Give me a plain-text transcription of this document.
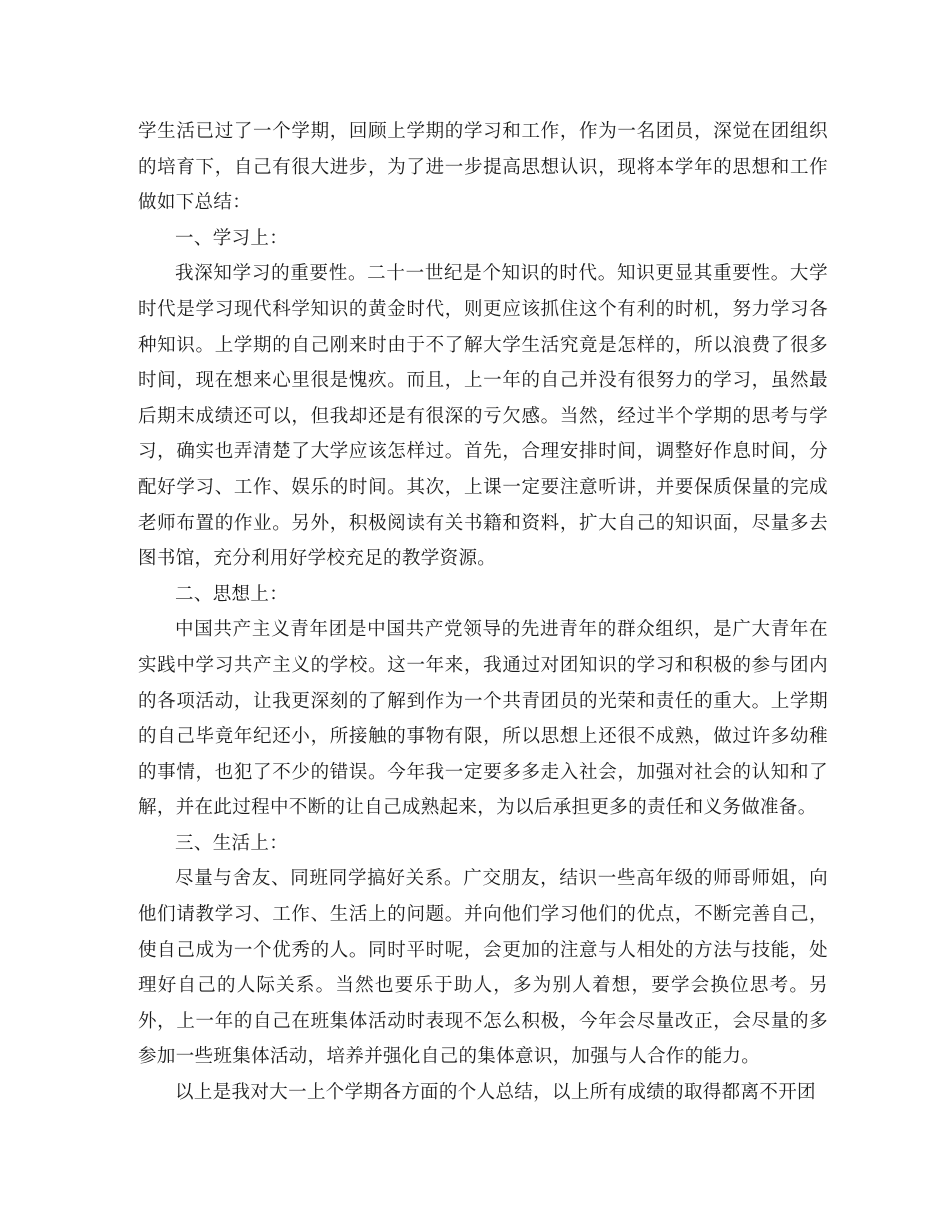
学生活已过了一个学期，回顾上学期的学习和工作，作为一名团员，深觉在团组织的培育下，自己有很大进步，为了进一步提高思想认识，现将本学年的思想和工作做如下总结：

一、学习上：

我深知学习的重要性。二十一世纪是个知识的时代。知识更显其重要性。大学时代是学习现代科学知识的黄金时代，则更应该抓住这个有利的时机，努力学习各种知识。上学期的自己刚来时由于不了解大学生活究竟是怎样的，所以浪费了很多时间，现在想来心里很是愧疚。而且，上一年的自己并没有很努力的学习，虽然最后期末成绩还可以，但我却还是有很深的亏欠感。当然，经过半个学期的思考与学习，确实也弄清楚了大学应该怎样过。首先，合理安排时间，调整好作息时间，分配好学习、工作、娱乐的时间。其次，上课一定要注意听讲，并要保质保量的完成老师布置的作业。另外，积极阅读有关书籍和资料，扩大自己的知识面，尽量多去图书馆，充分利用好学校充足的教学资源。

二、思想上：

中国共产主义青年团是中国共产党领导的先进青年的群众组织，是广大青年在实践中学习共产主义的学校。这一年来，我通过对团知识的学习和积极的参与团内的各项活动，让我更深刻的了解到作为一个共青团员的光荣和责任的重大。上学期的自己毕竟年纪还小，所接触的事物有限，所以思想上还很不成熟，做过许多幼稚的事情，也犯了不少的错误。今年我一定要多多走入社会，加强对社会的认知和了解，并在此过程中不断的让自己成熟起来，为以后承担更多的责任和义务做准备。

三、生活上：

尽量与舍友、同班同学搞好关系。广交朋友，结识一些高年级的师哥师姐，向他们请教学习、工作、生活上的问题。并向他们学习他们的优点，不断完善自己，使自己成为一个优秀的人。同时平时呢，会更加的注意与人相处的方法与技能，处理好自己的人际关系。当然也要乐于助人，多为别人着想，要学会换位思考。另外，上一年的自己在班集体活动时表现不怎么积极，今年会尽量改正，会尽量的多参加一些班集体活动，培养并强化自己的集体意识，加强与人合作的能力。

以上是我对大一上个学期各方面的个人总结，以上所有成绩的取得都离不开团
